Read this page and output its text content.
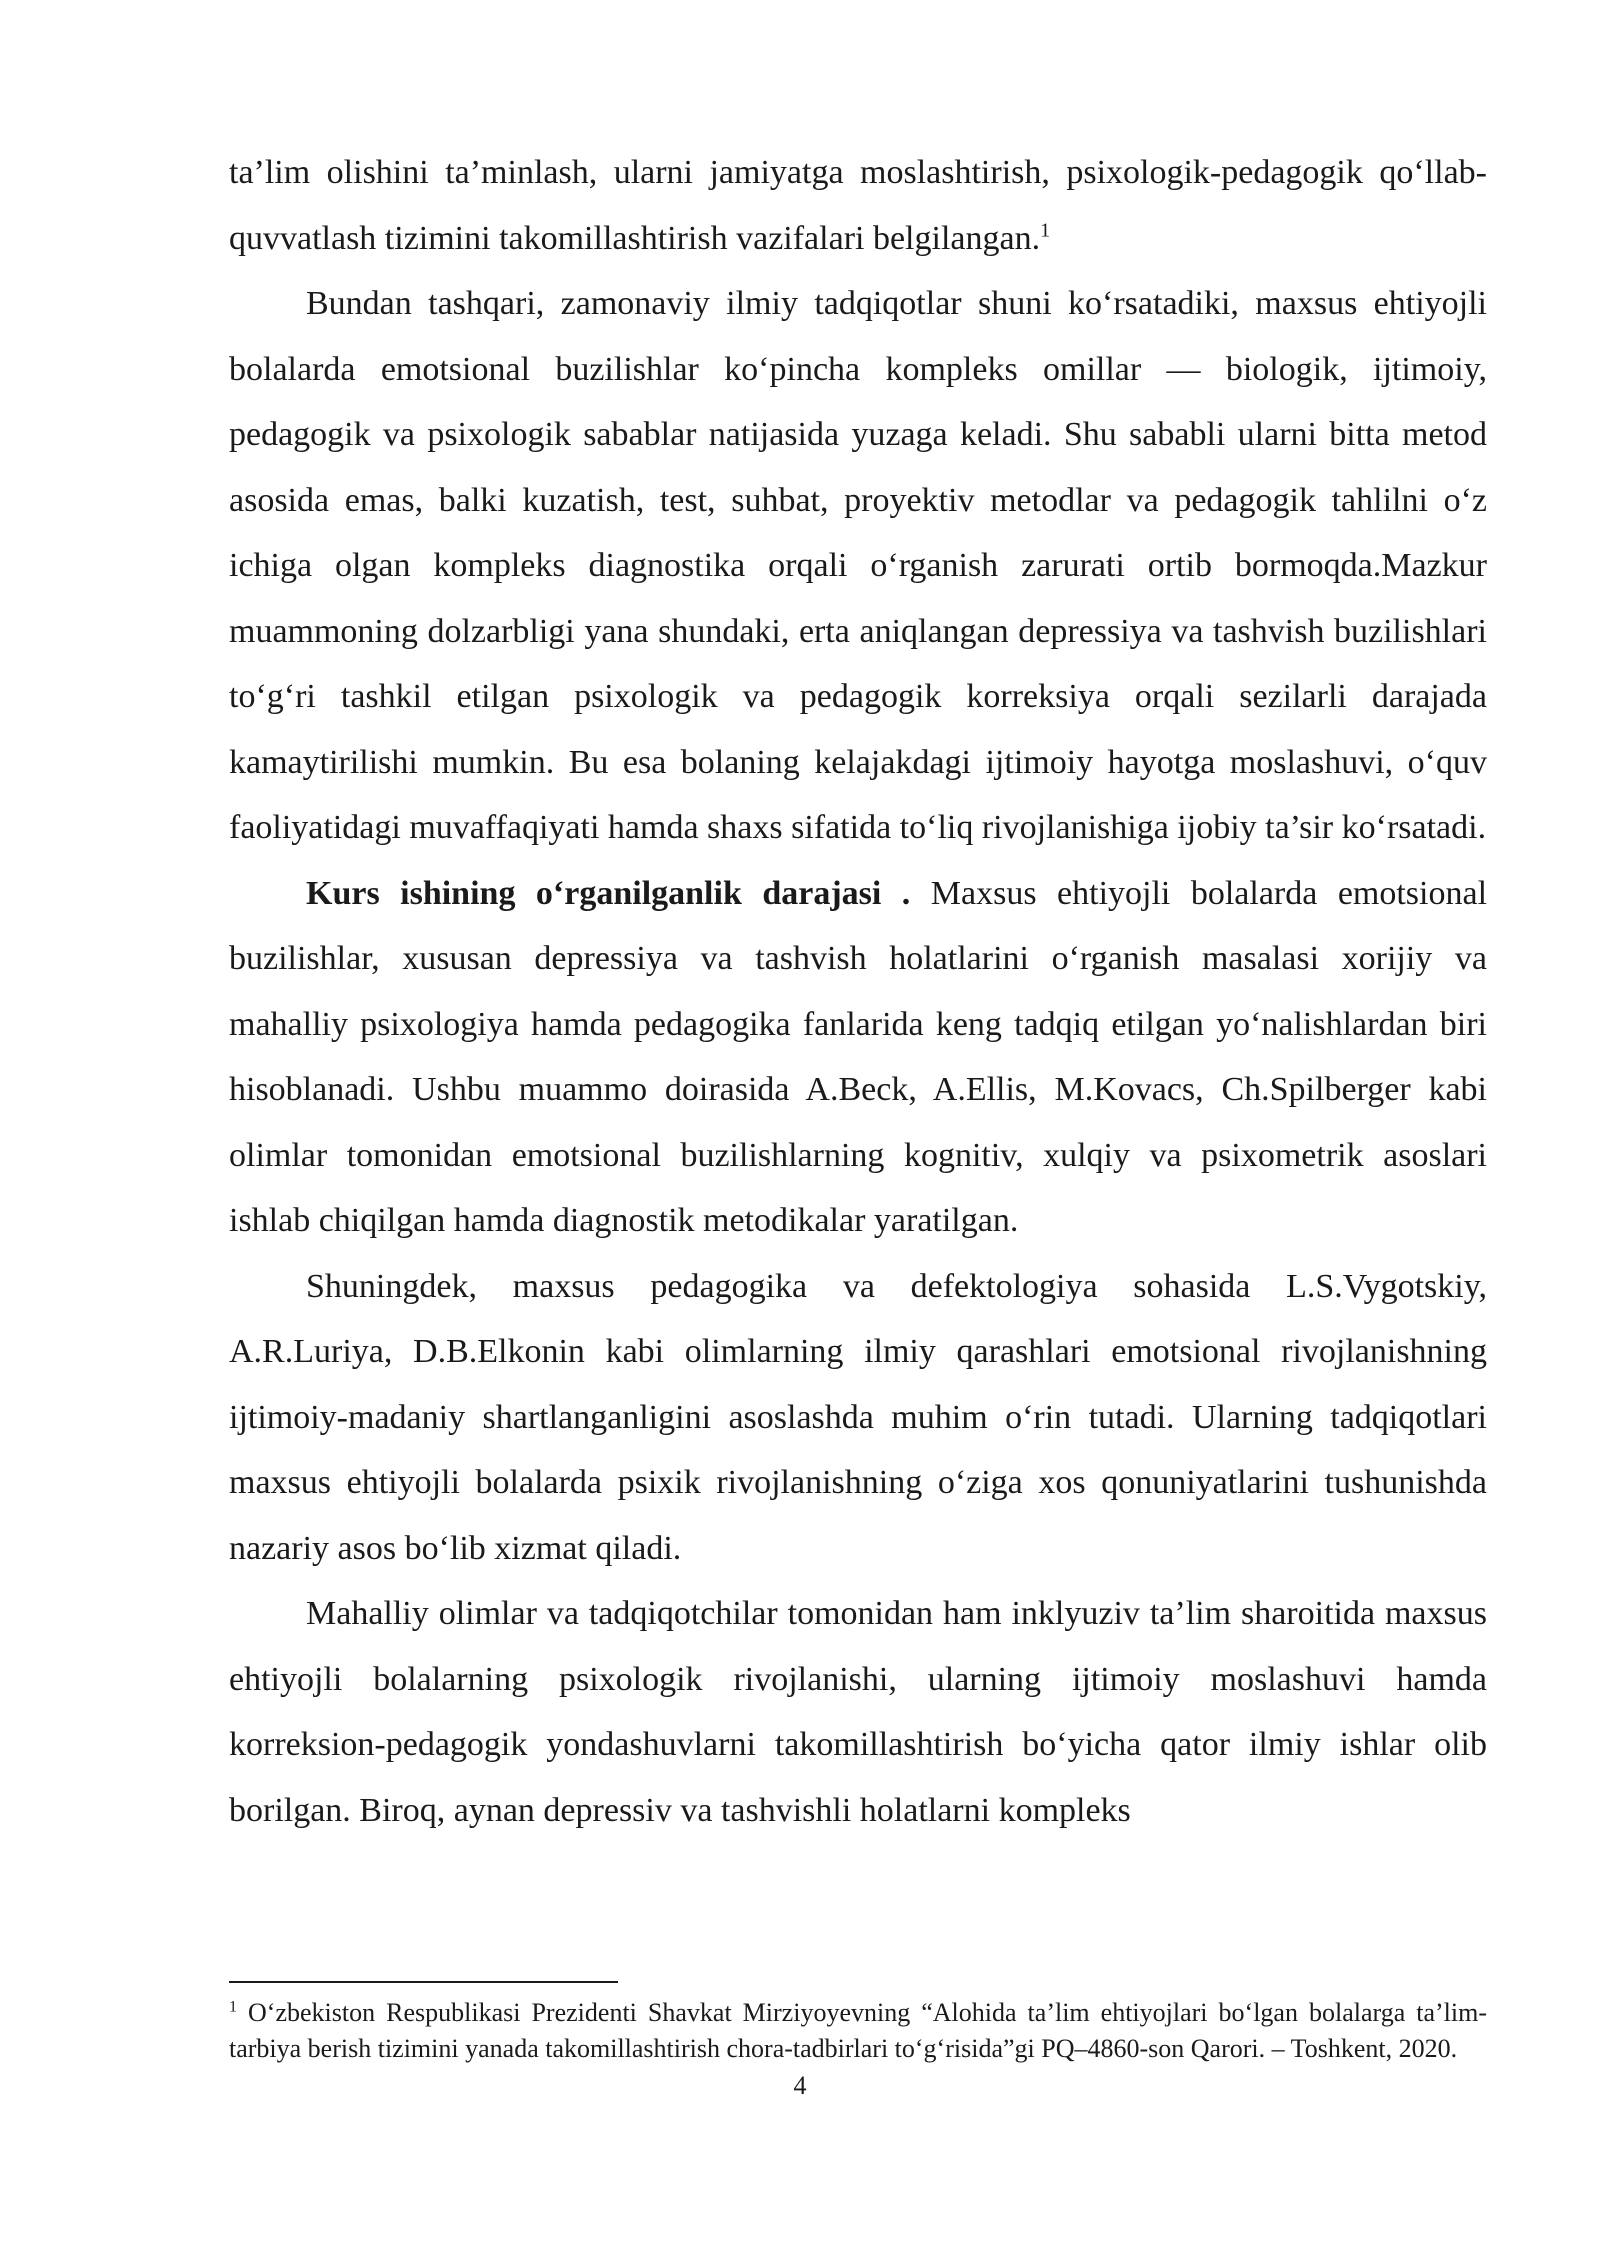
ta’lim olishini ta’minlash, ularni jamiyatga moslashtirish, psixologik-pedagogik qo‘llab-quvvatlash tizimini takomillashtirish vazifalari belgilangan.$^1$

Bundan tashqari, zamonaviy ilmiy tadqiqotlar shuni ko‘rsatadiki, maxsus ehtiyojli bolalarda emotsional buzilishlar ko‘pincha kompleks omillar — biologik, ijtimoiy, pedagogik va psixologik sabablar natijasida yuzaga keladi. Shu sababli ularni bitta metod asosida emas, balki kuzatish, test, suhbat, proyektiv metodlar va pedagogik tahlilni o‘z ichiga olgan kompleks diagnostika orqali o‘rganish zarurati ortib bormoqda.Mazkur muammoning dolzarbligi yana shundaki, erta aniqlangan depressiya va tashvish buzilishlari to‘g‘ri tashkil etilgan psixologik va pedagogik korreksiya orqali sezilarli darajada kamaytirilishi mumkin. Bu esa bolaning kelajakdagi ijtimoiy hayotga moslashuvi, o‘quv faoliyatidagi muvaffaqiyati hamda shaxs sifatida to‘liq rivojlanishiga ijobiy ta’sir ko‘rsatadi.

Kurs ishining o‘rganilganlik darajasi . Maxsus ehtiyojli bolalarda emotsional buzilishlar, xususan depressiya va tashvish holatlarini o‘rganish masalasi xorijiy va mahalliy psixologiya hamda pedagogika fanlarida keng tadqiq etilgan yo‘nalishlardan biri hisoblanadi. Ushbu muammo doirasida A.Beck, A.Ellis, M.Kovacs, Ch.Spilberger kabi olimlar tomonidan emotsional buzilishlarning kognitiv, xulqiy va psixometrik asoslari ishlab chiqilgan hamda diagnostik metodikalar yaratilgan.

Shuningdek, maxsus pedagogika va defektologiya sohasida L.S.Vygotskiy, A.R.Luriya, D.B.Elkonin kabi olimlarning ilmiy qarashlari emotsional rivojlanishning ijtimoiy-madaniy shartlanganligini asoslashda muhim o‘rin tutadi. Ularning tadqiqotlari maxsus ehtiyojli bolalarda psixik rivojlanishning o‘ziga xos qonuniyatlarini tushunishda nazariy asos bo‘lib xizmat qiladi.

Mahalliy olimlar va tadqiqotchilar tomonidan ham inklyuziv ta’lim sharoitida maxsus ehtiyojli bolalarning psixologik rivojlanishi, ularning ijtimoiy moslashuvi hamda korreksion-pedagogik yondashuvlarni takomillashtirish bo‘yicha qator ilmiy ishlar olib borilgan. Biroq, aynan depressiv va tashvishli holatlarni kompleks

$^1$ O‘zbekiston Respublikasi Prezidenti Shavkat Mirziyoyevning “Alohida ta’lim ehtiyojlari bo‘lgan bolalarga ta’lim-tarbiya berish tizimini yanada takomillashtirish chora-tadbirlari to‘g‘risida”gi PQ–4860-son Qarori. – Toshkent, 2020.

4
